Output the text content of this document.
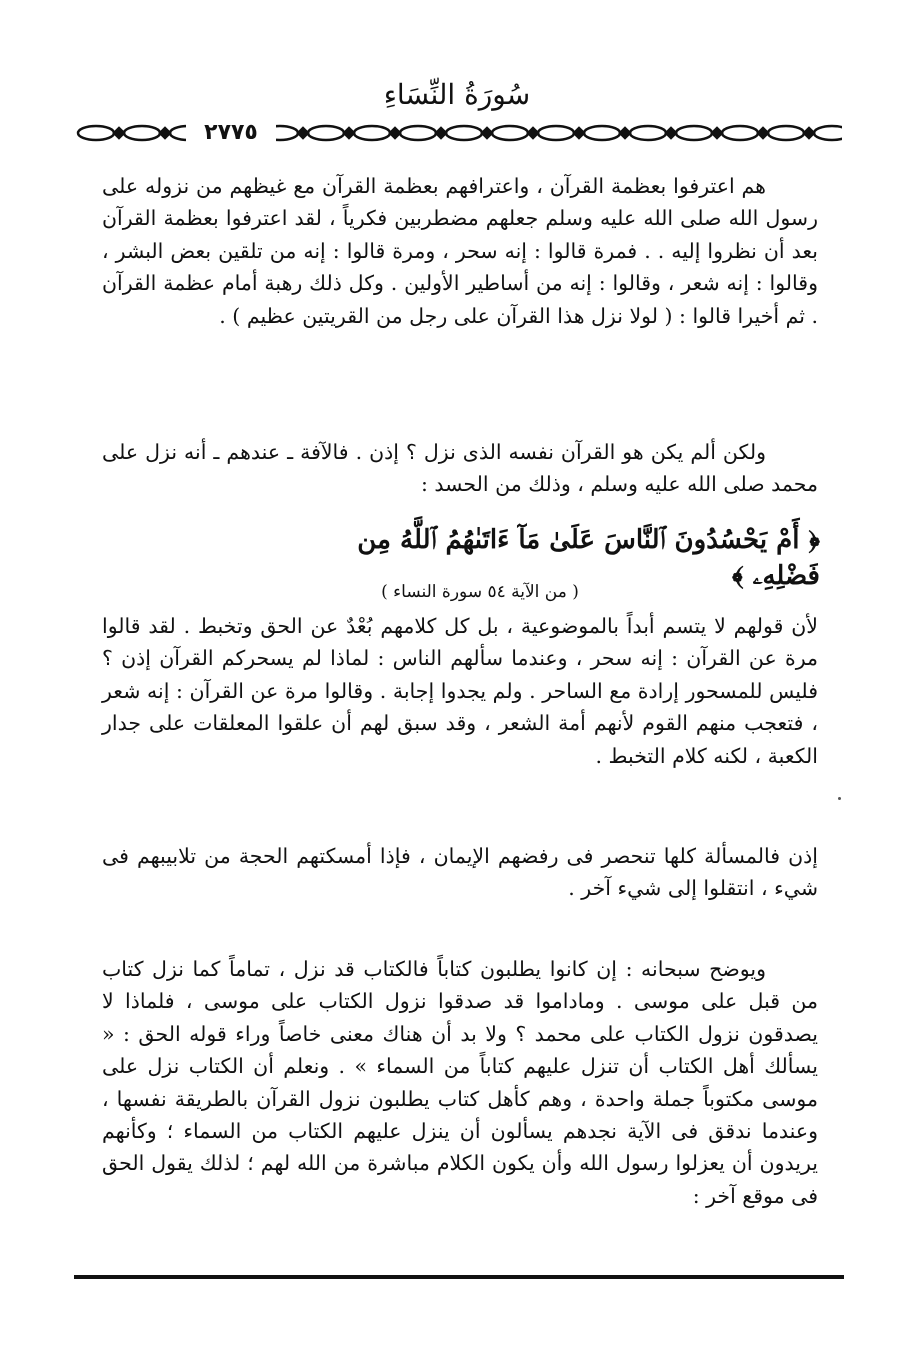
سُورَةُ النِّسَاءِ
٢٧٧٥

هم اعترفوا بعظمة القرآن ، واعترافهم بعظمة القرآن مع غيظهم من نزوله على رسول الله صلى الله عليه وسلم جعلهم مضطربين فكرياً ، لقد اعترفوا بعظمة القرآن بعد أن نظروا إليه . . فمرة قالوا : إنه سحر ، ومرة قالوا : إنه من تلقين بعض البشر ، وقالوا : إنه شعر ، وقالوا : إنه من أساطير الأولين . وكل ذلك رهبة أمام عظمة القرآن . ثم أخيرا قالوا : ( لولا نزل هذا القرآن على رجل من القريتين عظيم ) .

ولكن ألم يكن هو القرآن نفسه الذى نزل ؟ إذن . فالآفة ـ عندهم ـ أنه نزل على محمد صلى الله عليه وسلم ، وذلك من الحسد :

﴿ أَمْ يَحْسُدُونَ ٱلنَّاسَ عَلَىٰ مَآ ءَاتَىٰهُمُ ٱللَّهُ مِن فَضْلِهِۦ ﴾
( من الآية ٥٤ سورة النساء )

لأن قولهم لا يتسم أبداً بالموضوعية ، بل كل كلامهم بُعْدٌ عن الحق وتخبط . لقد قالوا مرة عن القرآن : إنه سحر ، وعندما سألهم الناس : لماذا لم يسحركم القرآن إذن ؟ فليس للمسحور إرادة مع الساحر . ولم يجدوا إجابة . وقالوا مرة عن القرآن : إنه شعر ، فتعجب منهم القوم لأنهم أمة الشعر ، وقد سبق لهم أن علقوا المعلقات على جدار الكعبة ، لكنه كلام التخبط .

إذن فالمسألة كلها تنحصر فى رفضهم الإيمان ، فإذا أمسكتهم الحجة من تلابيبهم فى شيء ، انتقلوا إلى شيء آخر .

ويوضح سبحانه : إن كانوا يطلبون كتاباً فالكتاب قد نزل ، تماماً كما نزل كتاب من قبل على موسى . وماداموا قد صدقوا نزول الكتاب على موسى ، فلماذا لا يصدقون نزول الكتاب على محمد ؟ ولا بد أن هناك معنى خاصاً وراء قوله الحق : « يسألك أهل الكتاب أن تنزل عليهم كتاباً من السماء » . ونعلم أن الكتاب نزل على موسى مكتوباً جملة واحدة ، وهم كأهل كتاب يطلبون نزول القرآن بالطريقة نفسها ، وعندما ندقق فى الآية نجدهم يسألون أن ينزل عليهم الكتاب من السماء ؛ وكأنهم يريدون أن يعزلوا رسول الله وأن يكون الكلام مباشرة من الله لهم ؛ لذلك يقول الحق فى موقع آخر :
